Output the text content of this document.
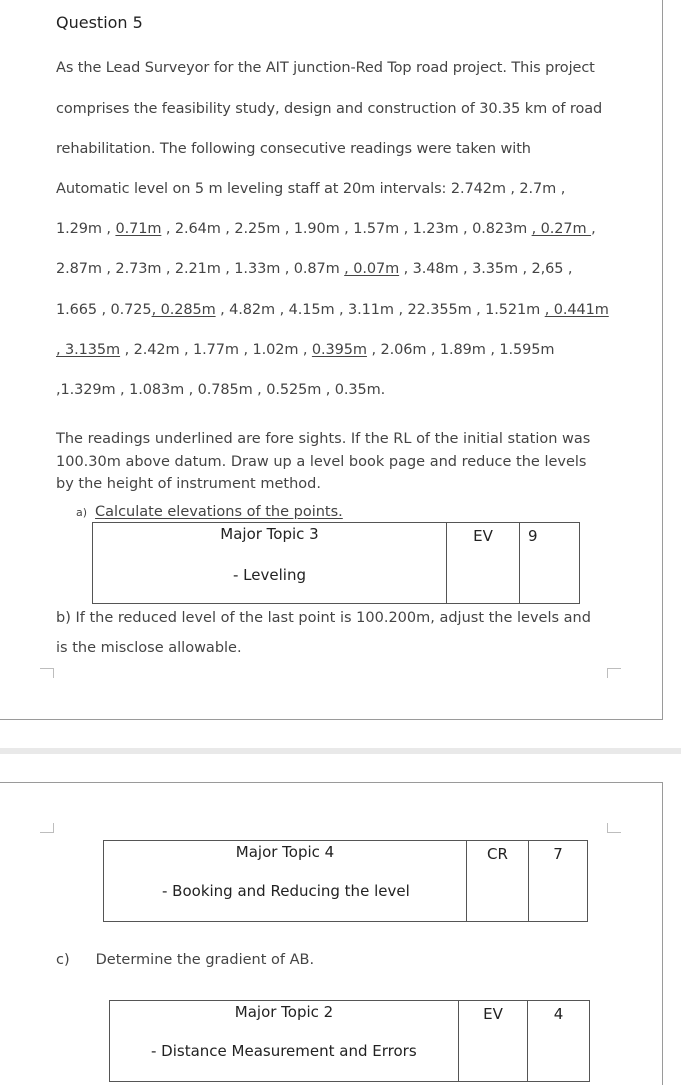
Question 5
As the Lead Surveyor for the AIT junction-Red Top road project. This project
comprises the feasibility study, design and construction of 30.35 km of road
rehabilitation. The following consecutive readings were taken with
Automatic level on 5 m leveling staff at 20m intervals: 2.742m , 2.7m ,
1.29m , 0.71m , 2.64m , 2.25m , 1.90m , 1.57m , 1.23m , 0.823m , 0.27m ,
2.87m , 2.73m , 2.21m , 1.33m , 0.87m , 0.07m , 3.48m , 3.35m , 2,65 ,
1.665 , 0.725, 0.285m , 4.82m , 4.15m , 3.11m , 22.355m , 1.521m , 0.441m
, 3.135m , 2.42m , 1.77m , 1.02m , 0.395m , 2.06m , 1.89m , 1.595m
,1.329m , 1.083m , 0.785m , 0.525m , 0.35m.
The readings underlined are fore sights. If the RL of the initial station was 100.30m above datum. Draw up a level book page and reduce the levels by the height of instrument method.
a) Calculate elevations of the points.
Major Topic 3
- Leveling
EV	9
b) If the reduced level of the last point is 100.200m, adjust the levels and is the misclose allowable.
Major Topic 4
- Booking and Reducing the level
CR	7
c) Determine the gradient of AB.
Major Topic 2
- Distance Measurement and Errors
EV	4
